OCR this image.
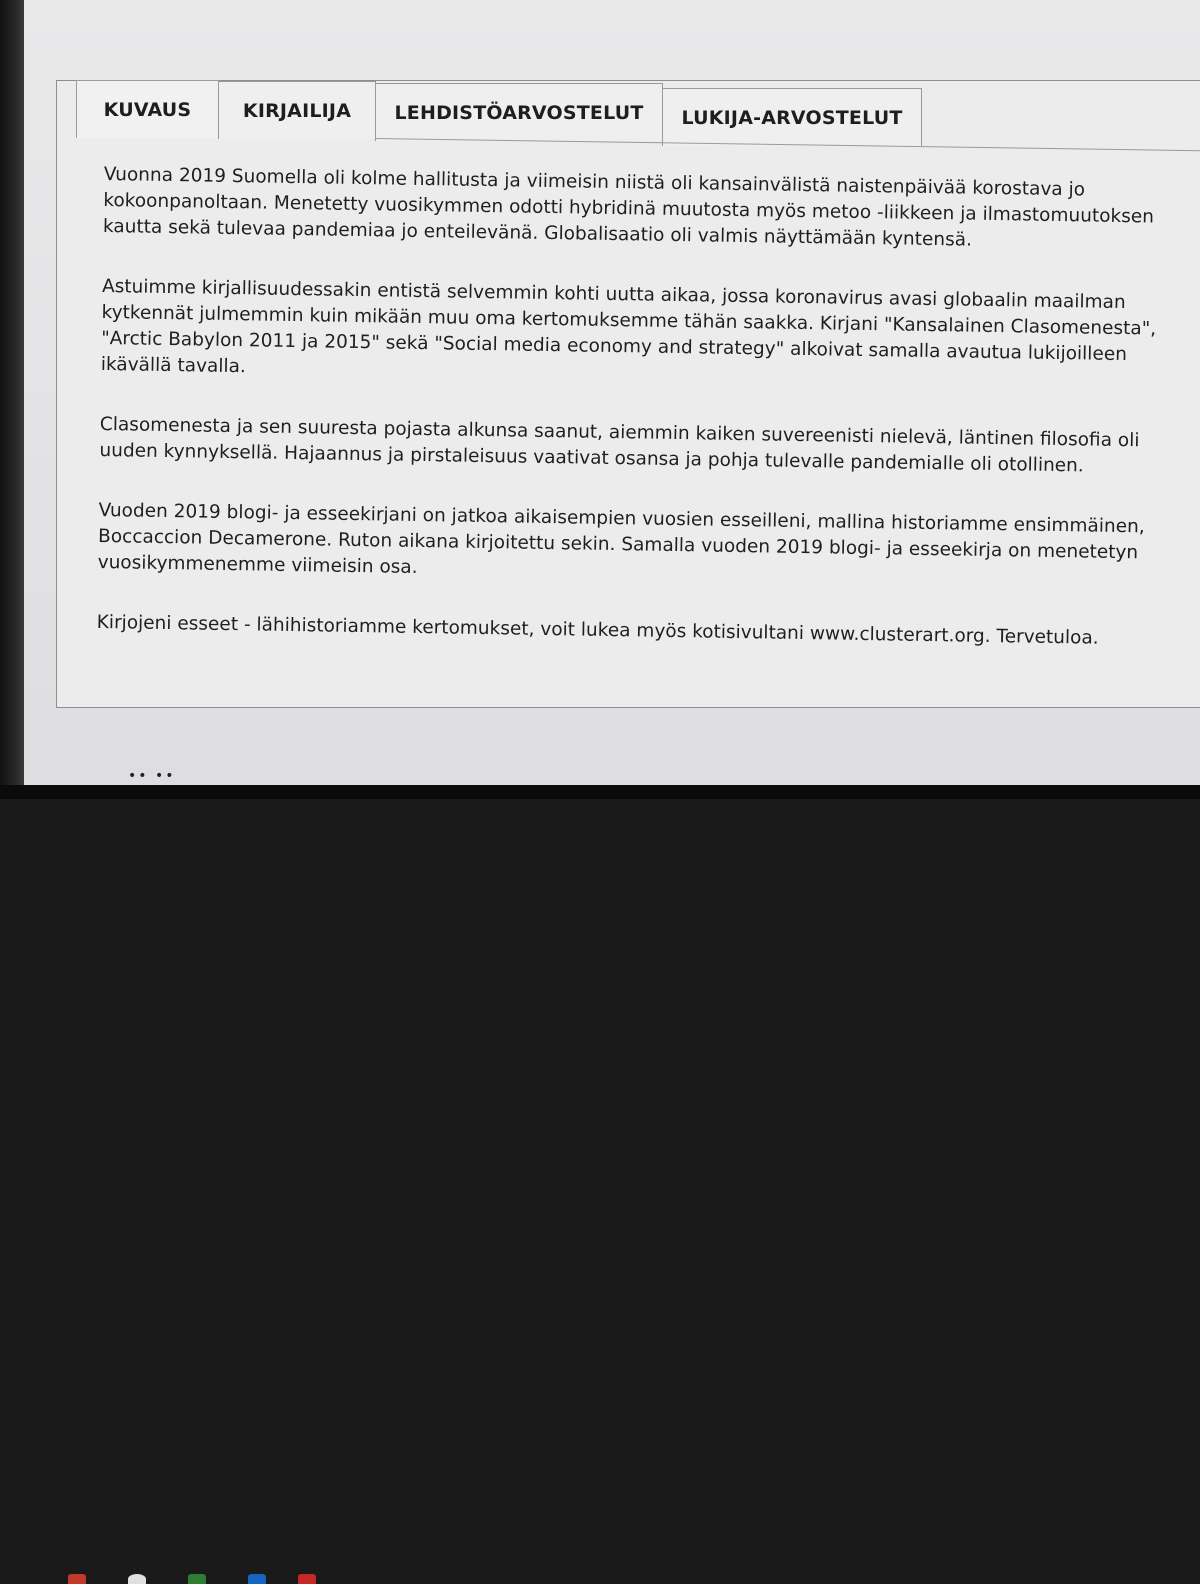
KUVAUS	KIRJAILIJA LEHDISTÖARVOSTELUT LUKIJA-ARVOSTELUT

Vuonna 2019 Suomella oli kolme hallitusta ja viimeisin niistä oli kansainvälistä naistenpäivää korostava jo kokoonpanoltaan. Menetetty vuosikymmen odotti hybridinä muutosta myös metoo -liikkeen ja ilmastomuutoksen kautta sekä tulevaa pandemiaa jo enteilevänä. Globalisaatio oli valmis näyttämään kyntensä.

Astuimme kirjallisuudessakin entistä selvemmin kohti uutta aikaa, jossa koronavirus avasi globaalin maailman kytkennät julmemmin kuin mikään muu oma kertomuksemme tähän saakka. Kirjani "Kansalainen Clasomenesta", "Arctic Babylon 2011 ja 2015" sekä "Social media economy and strategy" alkoivat samalla avautua lukijoilleen ikävällä tavalla.

Clasomenesta ja sen suuresta pojasta alkunsa saanut, aiemmin kaiken suvereenisti nielevä, läntinen filosofia oli uuden kynnyksellä. Hajaannus ja pirstaleisuus vaativat osansa ja pohja tulevalle pandemialle oli otollinen.

Vuoden 2019 blogi- ja esseekirjani on jatkoa aikaisempien vuosien esseilleni, mallina historiamme ensimmäinen, Boccaccion Decamerone. Ruton aikana kirjoitettu sekin. Samalla vuoden 2019 blogi- ja esseekirja on menetetyn vuosikymmenemme viimeisin osa.

Kirjojeni esseet - lähihistoriamme kertomukset, voit lukea myös kotisivultani www.clusterart.org. Tervetuloa.

•• ••
